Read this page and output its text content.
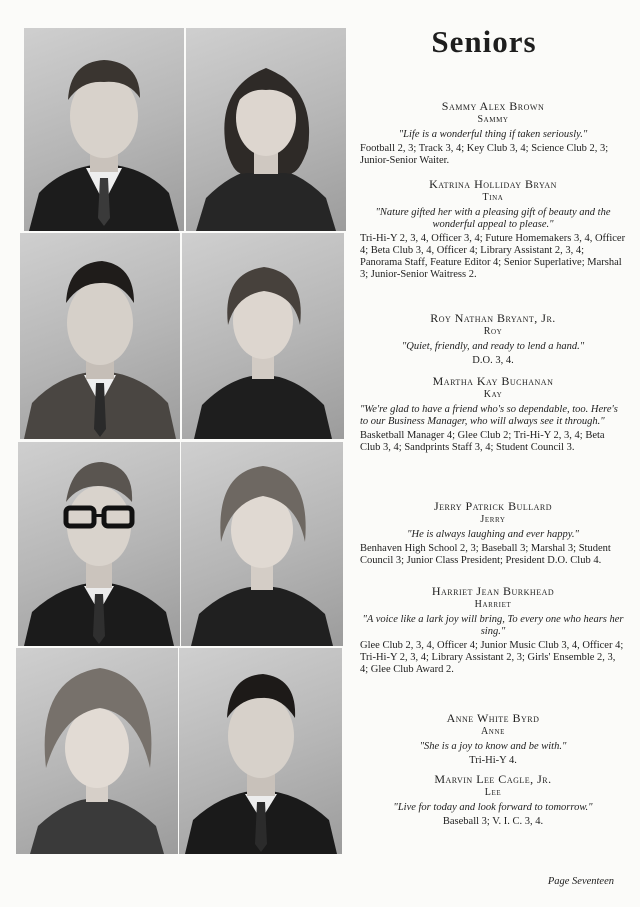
Seniors
Sammy Alex Brown
Sammy
"Life is a wonderful thing if taken seriously."
Football 2, 3; Track 3, 4; Key Club 3, 4; Science Club 2, 3; Junior-Senior Waiter.
Katrina Holliday Bryan
Tina
"Nature gifted her with a pleasing gift of beauty and the wonderful appeal to please."
Tri-Hi-Y 2, 3, 4, Officer 3, 4; Future Homemakers 3, 4, Officer 4; Beta Club 3, 4, Officer 4; Library Assistant 2, 3, 4; Panorama Staff, Feature Editor 4; Senior Superlative; Marshal 3; Junior-Senior Waitress 2.
Roy Nathan Bryant, Jr.
Roy
"Quiet, friendly, and ready to lend a hand."
D.O. 3, 4.
Martha Kay Buchanan
Kay
"We're glad to have a friend who's so dependable, too. Here's to our Business Manager, who will always see it through."
Basketball Manager 4; Glee Club 2; Tri-Hi-Y 2, 3, 4; Beta Club 3, 4; Sandprints Staff 3, 4; Student Council 3.
Jerry Patrick Bullard
Jerry
"He is always laughing and ever happy."
Benhaven High School 2, 3; Baseball 3; Marshal 3; Student Council 3; Junior Class President; President D.O. Club 4.
Harriet Jean Burkhead
Harriet
"A voice like a lark joy will bring, To every one who hears her sing."
Glee Club 2, 3, 4, Officer 4; Junior Music Club 3, 4, Officer 4; Tri-Hi-Y 2, 3, 4; Library Assistant 2, 3; Girls' Ensemble 2, 3, 4; Glee Club Award 2.
Anne White Byrd
Anne
"She is a joy to know and be with."
Tri-Hi-Y 4.
Marvin Lee Cagle, Jr.
Lee
"Live for today and look forward to tomorrow."
Baseball 3; V. I. C. 3, 4.
Page Seventeen
